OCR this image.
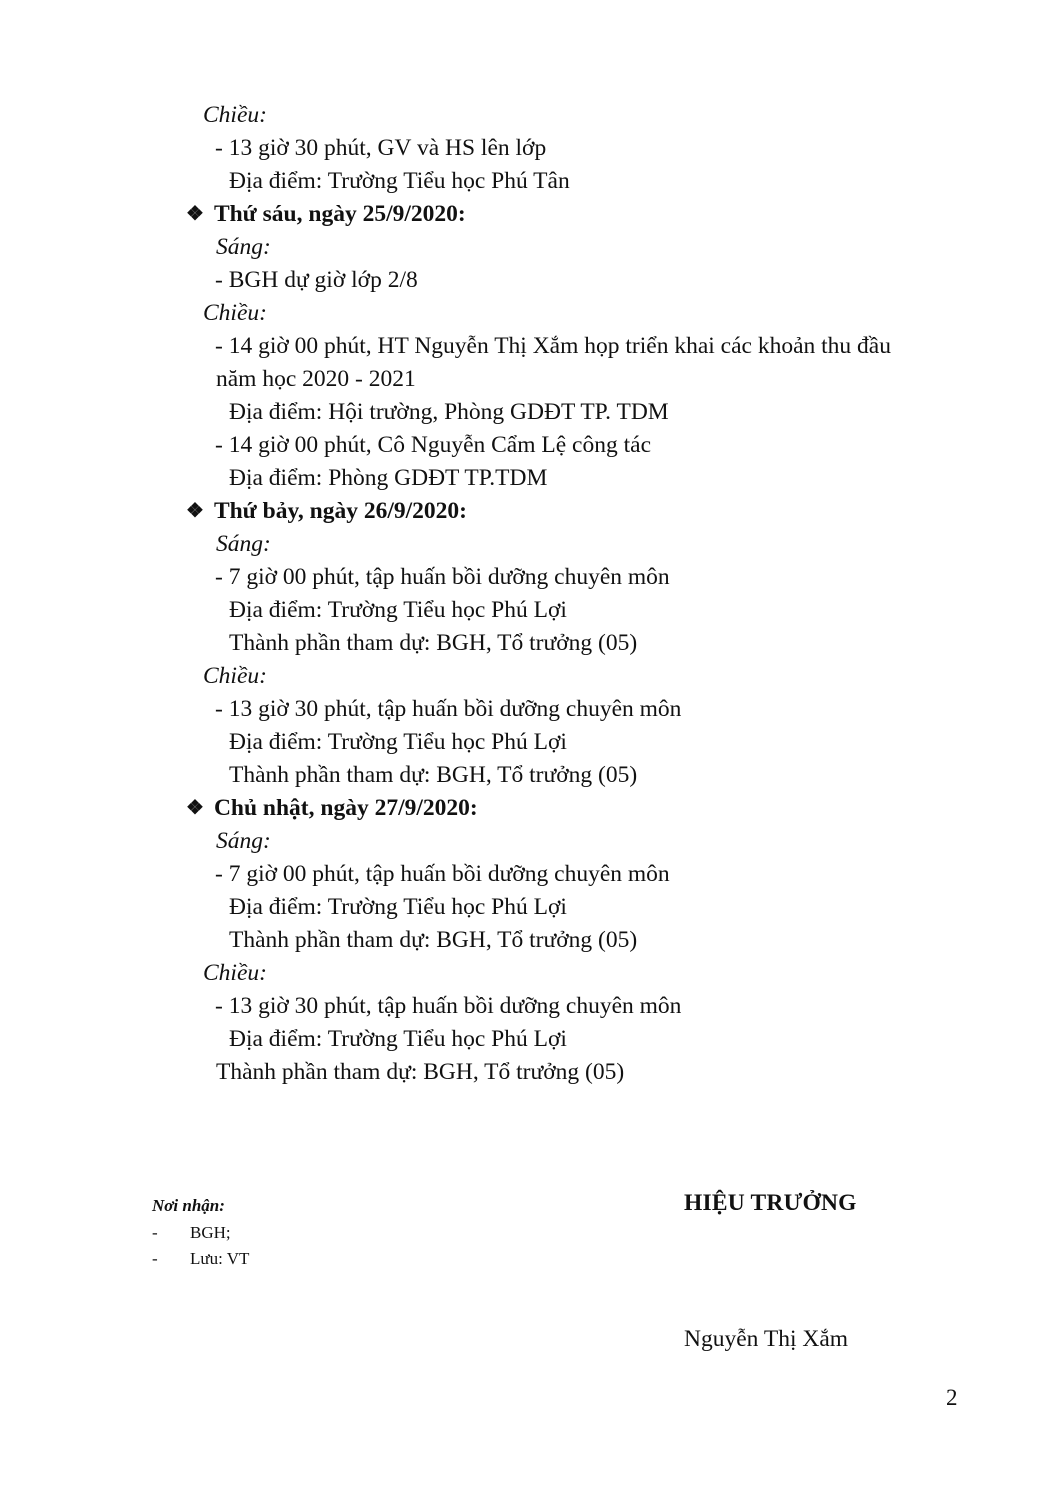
Chiều:

- 13 giờ 30 phút, GV và HS lên lớp

Địa điểm: Trường Tiểu học Phú Tân

❖ Thứ sáu, ngày 25/9/2020:

Sáng:

- BGH dự giờ lớp 2/8

Chiều:

- 14 giờ 00 phút, HT Nguyễn Thị Xắm họp triển khai các khoản thu đầu

năm học 2020 - 2021

Địa điểm: Hội trường, Phòng GDĐT TP. TDM

- 14 giờ 00 phút, Cô Nguyễn Cẩm Lệ công tác

Địa điểm: Phòng GDĐT TP.TDM

❖ Thứ bảy, ngày 26/9/2020:

Sáng:

- 7 giờ 00 phút, tập huấn bồi dưỡng chuyên môn

Địa điểm: Trường Tiểu học Phú Lợi

Thành phần tham dự: BGH, Tổ trưởng (05)

Chiều:

- 13 giờ 30 phút, tập huấn bồi dưỡng chuyên môn

Địa điểm: Trường Tiểu học Phú Lợi

Thành phần tham dự: BGH, Tổ trưởng (05)

❖ Chủ nhật, ngày 27/9/2020:

Sáng:

- 7 giờ 00 phút, tập huấn bồi dưỡng chuyên môn

Địa điểm: Trường Tiểu học Phú Lợi

Thành phần tham dự: BGH, Tổ trưởng (05)

Chiều:

- 13 giờ 30 phút, tập huấn bồi dưỡng chuyên môn

Địa điểm: Trường Tiểu học Phú Lợi

Thành phần tham dự: BGH, Tổ trưởng (05)

Nơi nhận:
- BGH;
- Lưu: VT
HIỆU TRƯỞNG
Nguyễn Thị Xắm
2
